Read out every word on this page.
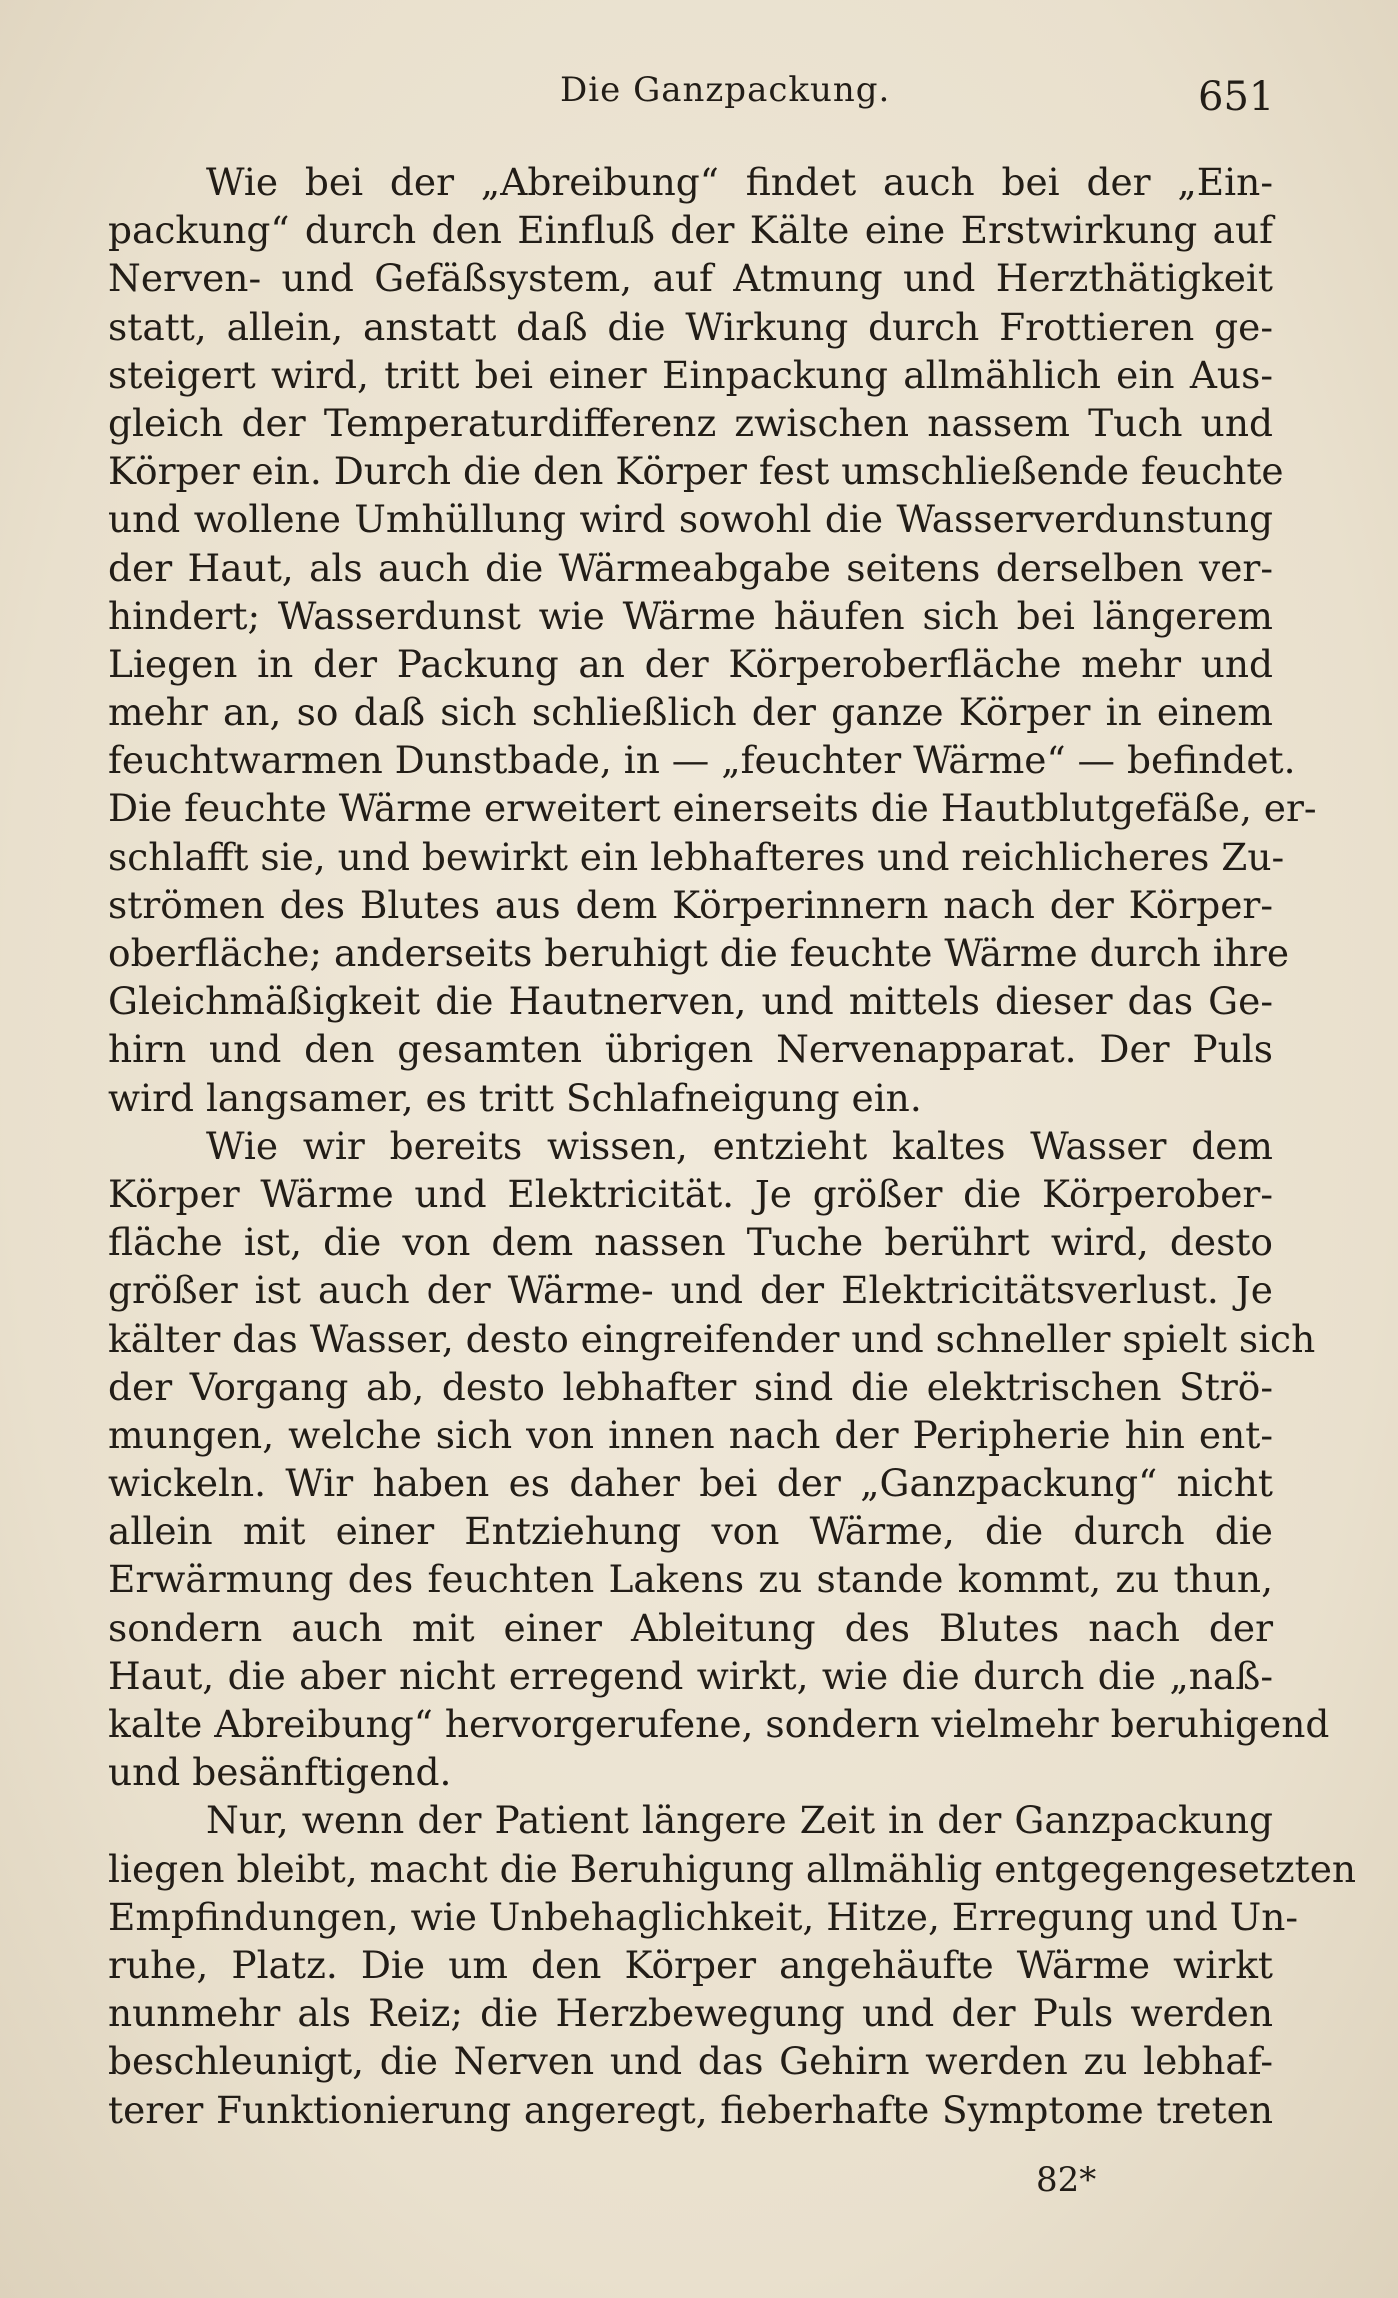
Die Ganzpackung.	651
Wie bei der „Abreibung“ findet auch bei der „Ein-
packung“ durch den Einfluß der Kälte eine Erstwirkung auf
Nerven- und Gefäßsystem, auf Atmung und Herzthätigkeit
statt, allein, anstatt daß die Wirkung durch Frottieren ge-
steigert wird, tritt bei einer Einpackung allmählich ein Aus-
gleich der Temperaturdifferenz zwischen nassem Tuch und
Körper ein. Durch die den Körper fest umschließende feuchte
und wollene Umhüllung wird sowohl die Wasserverdunstung
der Haut, als auch die Wärmeabgabe seitens derselben ver-
hindert; Wasserdunst wie Wärme häufen sich bei längerem
Liegen in der Packung an der Körperoberfläche mehr und
mehr an, so daß sich schließlich der ganze Körper in einem
feuchtwarmen Dunstbade, in — „feuchter Wärme“ — befindet.
Die feuchte Wärme erweitert einerseits die Hautblutgefäße, er-
schlafft sie, und bewirkt ein lebhafteres und reichlicheres Zu-
strömen des Blutes aus dem Körperinnern nach der Körper-
oberfläche; anderseits beruhigt die feuchte Wärme durch ihre
Gleichmäßigkeit die Hautnerven, und mittels dieser das Ge-
hirn und den gesamten übrigen Nervenapparat. Der Puls
wird langsamer, es tritt Schlafneigung ein.
Wie wir bereits wissen, entzieht kaltes Wasser dem
Körper Wärme und Elektricität. Je größer die Körperober-
fläche ist, die von dem nassen Tuche berührt wird, desto
größer ist auch der Wärme- und der Elektricitätsverlust. Je
kälter das Wasser, desto eingreifender und schneller spielt sich
der Vorgang ab, desto lebhafter sind die elektrischen Strö-
mungen, welche sich von innen nach der Peripherie hin ent-
wickeln. Wir haben es daher bei der „Ganzpackung“ nicht
allein mit einer Entziehung von Wärme, die durch die
Erwärmung des feuchten Lakens zu stande kommt, zu thun,
sondern auch mit einer Ableitung des Blutes nach der
Haut, die aber nicht erregend wirkt, wie die durch die „naß-
kalte Abreibung“ hervorgerufene, sondern vielmehr beruhigend
und besänftigend.
Nur, wenn der Patient längere Zeit in der Ganzpackung
liegen bleibt, macht die Beruhigung allmählig entgegengesetzten
Empfindungen, wie Unbehaglichkeit, Hitze, Erregung und Un-
ruhe, Platz. Die um den Körper angehäufte Wärme wirkt
nunmehr als Reiz; die Herzbewegung und der Puls werden
beschleunigt, die Nerven und das Gehirn werden zu lebhaf-
terer Funktionierung angeregt, fieberhafte Symptome treten
82*
